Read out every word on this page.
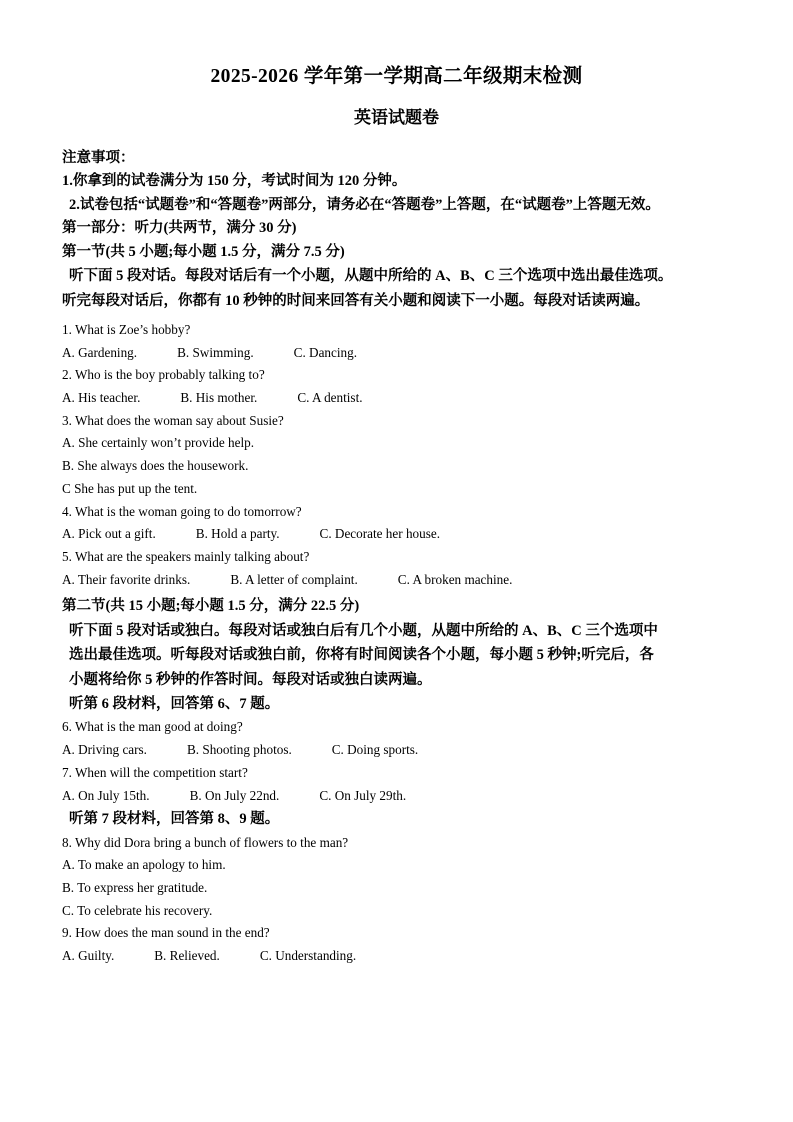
2025-2026 学年第一学期高二年级期末检测
英语试题卷

注意事项：

1.你拿到的试卷满分为 150 分，考试时间为 120 分钟。

2.试卷包括“试题卷”和“答题卷”两部分，请务必在“答题卷”上答题，在“试题卷”上答题无效。

第一部分：听力(共两节，满分 30 分)

第一节(共 5 小题;每小题 1.5 分，满分 7.5 分)

听下面 5 段对话。每段对话后有一个小题，从题中所给的 A、B、C 三个选项中选出最佳选项。

听完每段对话后，你都有 10 秒钟的时间来回答有关小题和阅读下一小题。每段对话读两遍。

1. What is Zoe’s hobby?

A. Gardening.	B. Swimming.	C. Dancing.

2. Who is the boy probably talking to?

A. His teacher.	B. His mother.	C. A dentist.

3. What does the woman say about Susie?

A. She certainly won’t provide help.

B. She always does the housework.

C She has put up the tent.

4. What is the woman going to do tomorrow?

A. Pick out a gift.	B. Hold a party.	C. Decorate her house.

5. What are the speakers mainly talking about?

A. Their favorite drinks.	B. A letter of complaint.	C. A broken machine.

第二节(共 15 小题;每小题 1.5 分，满分 22.5 分)

听下面 5 段对话或独白。每段对话或独白后有几个小题，从题中所给的 A、B、C 三个选项中

选出最佳选项。听每段对话或独白前，你将有时间阅读各个小题，每小题 5 秒钟;听完后，各

小题将给你 5 秒钟的作答时间。每段对话或独白读两遍。

听第 6 段材料，回答第 6、7 题。

6. What is the man good at doing?

A. Driving cars.	B. Shooting photos.	C. Doing sports.

7. When will the competition start?

A. On July 15th.	B. On July 22nd.	C. On July 29th.

听第 7 段材料，回答第 8、9 题。

8. Why did Dora bring a bunch of flowers to the man?

A. To make an apology to him.

B. To express her gratitude.

C. To celebrate his recovery.

9. How does the man sound in the end?

A. Guilty.	B. Relieved.	C. Understanding.
